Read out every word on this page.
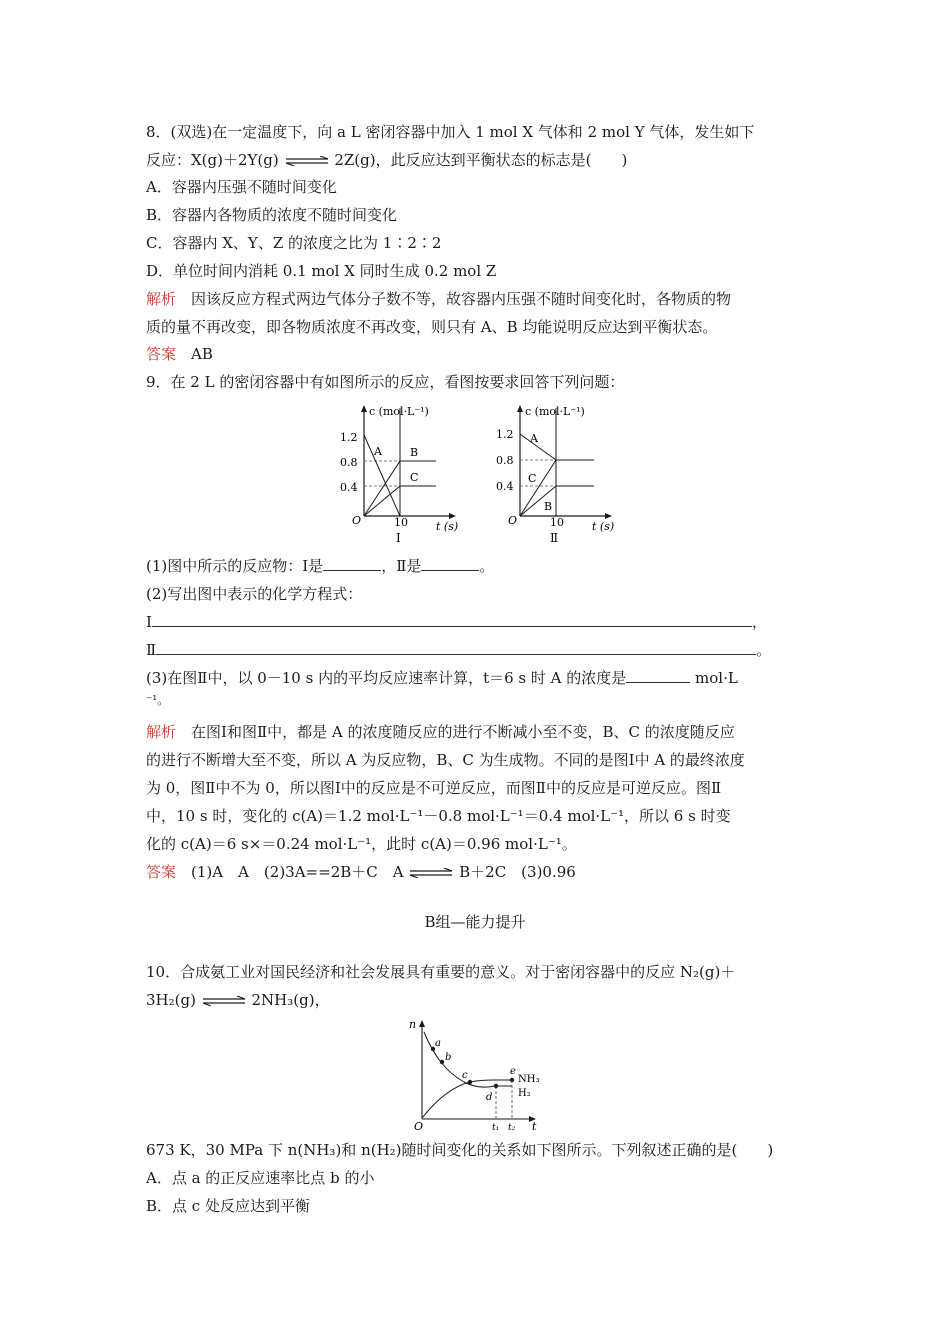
8．(双选)在一定温度下，向 a L 密闭容器中加入 1 mol X 气体和 2 mol Y 气体，发生如下
反应：X(g)＋2Y(g)	2Z(g)，此反应达到平衡状态的标志是(　　)
A．容器内压强不随时间变化
B．容器内各物质的浓度不随时间变化
C．容器内 X、Y、Z 的浓度之比为 1∶2∶2
D．单位时间内消耗 0.1 mol X 同时生成 0.2 mol Z
解析　因该反应方程式两边气体分子数不等，故容器内压强不随时间变化时，各物质的物
质的量不再改变，即各物质浓度不再改变，则只有 A、B 均能说明反应达到平衡状态。
答案　AB
9．在 2 L 的密闭容器中有如图所示的反应，看图按要求回答下列问题：
c (mol·L⁻¹)
t (s)
1.2
0.8
0.4
O	10
A	B
C
Ⅰ
c (mol·L⁻¹)
t (s)
1.2
0.8
0.4
O	10
A
C
B
Ⅱ
(1)图中所示的反应物：Ⅰ是	，Ⅱ是	。
(2)写出图中表示的化学方程式：
Ⅰ	，
Ⅱ	。
(3)在图Ⅱ中，以 0－10 s 内的平均反应速率计算，t＝6 s 时 A 的浓度是	mol·L
⁻¹。
解析　在图Ⅰ和图Ⅱ中，都是 A 的浓度随反应的进行不断减小至不变，B、C 的浓度随反应
的进行不断增大至不变，所以 A 为反应物，B、C 为生成物。不同的是图Ⅰ中 A 的最终浓度
为 0，图Ⅱ中不为 0，所以图Ⅰ中的反应是不可逆反应，而图Ⅱ中的反应是可逆反应。图Ⅱ
中，10 s 时，变化的 c(A)＝1.2 mol·L⁻¹－0.8 mol·L⁻¹＝0.4 mol·L⁻¹，所以 6 s 时变
化的 c(A)＝6 s×＝0.24 mol·L⁻¹，此时 c(A)＝0.96 mol·L⁻¹。
答案　(1)A　A　(2)3A==2B＋C　A	B＋2C　(3)0.96
B组—能力提升
10．合成氨工业对国民经济和社会发展具有重要的意义。对于密闭容器中的反应 N₂(g)＋
3H₂(g)	2NH₃(g)，
n
O	t
a
b
c
d
e
NH₃
H₂
t₁ t₂
673 K，30 MPa 下 n(NH₃)和 n(H₂)随时间变化的关系如下图所示。下列叙述正确的是(　　)
A．点 a 的正反应速率比点 b 的小
B．点 c 处反应达到平衡
